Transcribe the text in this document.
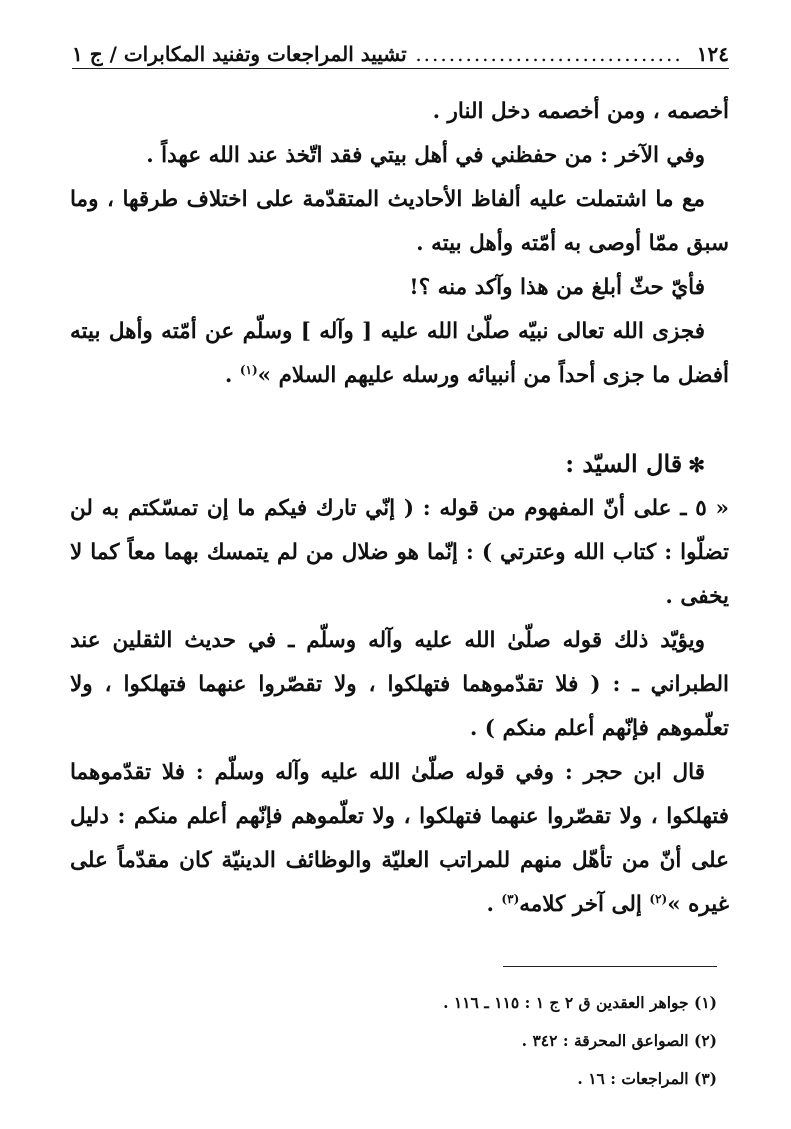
١٢٤
.....
تشييد المراجعات وتفنيد المكابرات / ج ١

أخصمه ، ومن أخصمه دخل النار .

وفي الآخر : من حفظني في أهل بيتي فقد اتّخذ عند الله عهداً .

مع ما اشتملت عليه ألفاظ الأحاديث المتقدّمة على اختلاف طرقها ، وما سبق ممّا أوصى به أمّته وأهل بيته .

فأيّ حثّ أبلغ من هذا وآكد منه ؟!

فجزى الله تعالى نبيّه صلّىٰ الله عليه [ وآله ] وسلّم عن أمّته وأهل بيته أفضل ما جزى أحداً من أنبيائه ورسله عليهم السلام »$^{(١)}$ .

✻قال السيّد :

« ٥ ـ على أنّ المفهوم من قوله : ( إنّي تارك فيكم ما إن تمسّكتم به لن تضلّوا : كتاب الله وعترتي ) : إنّما هو ضلال من لم يتمسك بهما معاً كما لا يخفى .

ويؤيّد ذلك قوله صلّىٰ الله عليه وآله وسلّم ـ في حديث الثقلين عند الطبراني ـ : ( فلا تقدّموهما فتهلكوا ، ولا تقصّروا عنهما فتهلكوا ، ولا تعلّموهم فإنّهم أعلم منكم ) .

قال ابن حجر : وفي قوله صلّىٰ الله عليه وآله وسلّم : فلا تقدّموهما فتهلكوا ، ولا تقصّروا عنهما فتهلكوا ، ولا تعلّموهم فإنّهم أعلم منكم : دليل على أنّ من تأهّل منهم للمراتب العليّة والوظائف الدينيّة كان مقدّماً على غيره »$^{(٢)}$ إلى آخر كلامه$^{(٣)}$ .

(١) جواهر العقدين ق ٢ ج ١ : ١١٥ ـ ١١٦ .

(٢) الصواعق المحرقة : ٣٤٢ .

(٣) المراجعات : ١٦ .
